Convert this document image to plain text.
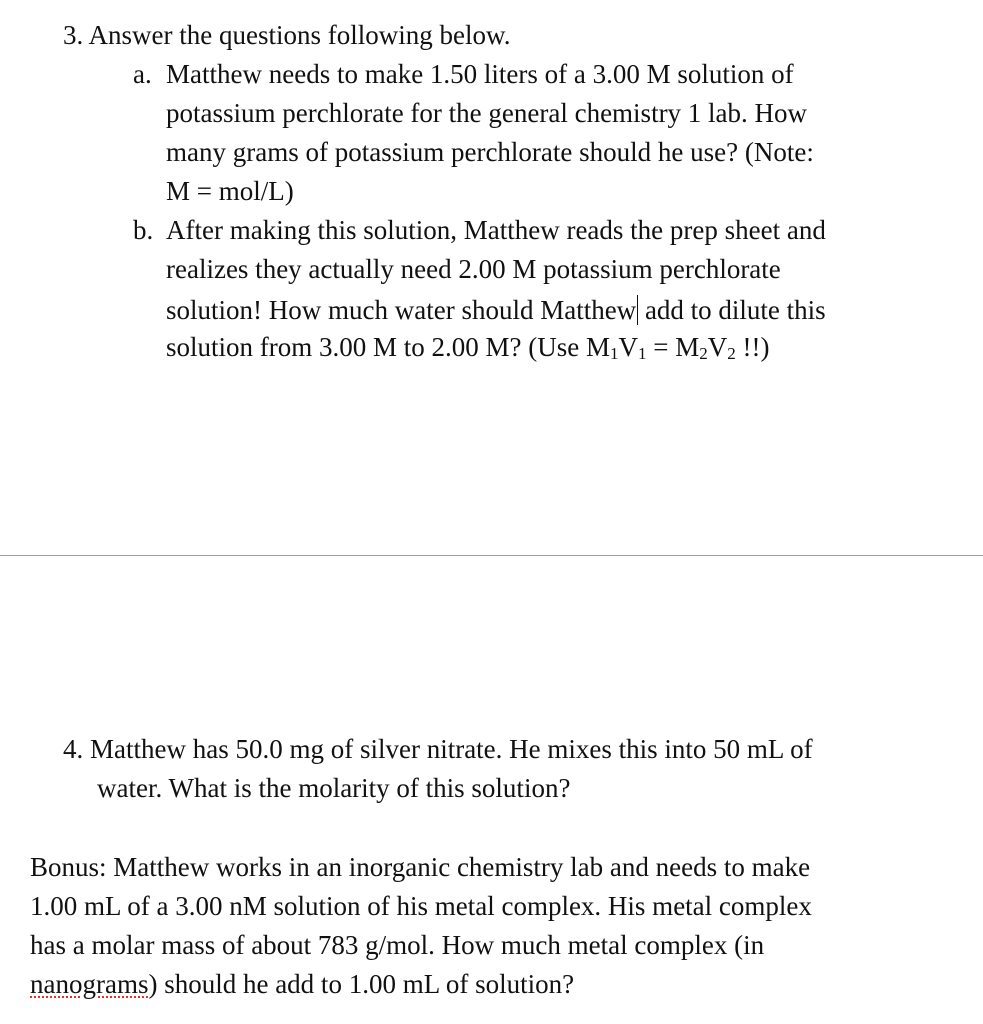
3. Answer the questions following below.
a. Matthew needs to make 1.50 liters of a 3.00 M solution of
potassium perchlorate for the general chemistry 1 lab. How
many grams of potassium perchlorate should he use? (Note:
M = mol/L)
b. After making this solution, Matthew reads the prep sheet and
realizes they actually need 2.00 M potassium perchlorate
solution! How much water should Matthew add to dilute this
solution from 3.00 M to 2.00 M? (Use $M_1V_1 = M_2V_2$ !!)
4. Matthew has 50.0 mg of silver nitrate. He mixes this into 50 mL of
water. What is the molarity of this solution?
Bonus: Matthew works in an inorganic chemistry lab and needs to make
1.00 mL of a 3.00 nM solution of his metal complex. His metal complex
has a molar mass of about 783 g/mol. How much metal complex (in
nanograms) should he add to 1.00 mL of solution?
